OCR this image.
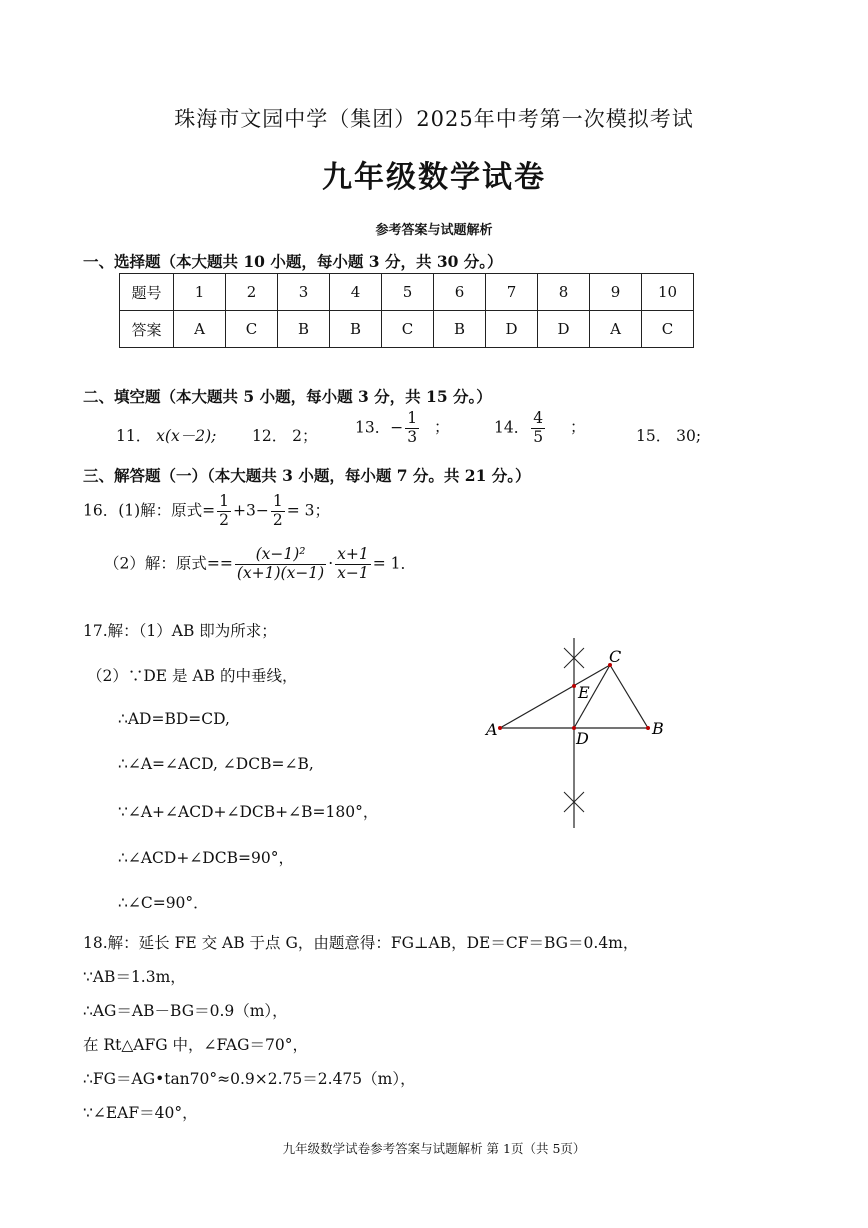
珠海市文园中学（集团）2025年中考第一次模拟考试
九年级数学试卷
参考答案与试题解析
一、选择题（本大题共 10 小题，每小题 3 分，共 30 分。）
题号	1	2	3	4	5	6	7	8	9	10
答案	A	C	B	B	C	B	D	D	A	C
二、填空题（本大题共 5 小题，每小题 3 分，共 15 分。）
11． x(x－2); 12． 2； 13．− $\frac{1}{3}$ ；	14． $\frac{4}{5}$ ；	15． 30;
三、解答题（一）（本大题共 3 小题，每小题 7 分。共 21 分。）
16．(1)解：原式= $\frac{1}{2} +3- \frac{1}{2} = 3$；
（2）解：原式== $\frac{\text{(x−1)²}}{(x+1)(x-1)} \cdot \frac{x+1}{x-1} = 1$．
17.解：（1）AB 即为所求；
（2）∵DE 是 AB 的中垂线，
∴AD=BD=CD,
∴∠A=∠ACD, ∠DCB=∠B,
∵∠A+∠ACD+∠DCB+∠B=180°，
∴∠ACD+∠DCB=90°，
∴∠C=90°．
A	B
C
D
E
18.解：延长 FE 交 AB 于点 G，由题意得：FG⊥AB，DE＝CF＝BG＝0.4m，
∵AB＝1.3m，
∴AG＝AB－BG＝0.9（m），
在 Rt△AFG 中，∠FAG＝70°，
∴FG＝AG•tan70°≈0.9×2.75＝2.475（m），
∵∠EAF＝40°，
九年级数学试卷参考答案与试题解析 第 1页（共 5页）
